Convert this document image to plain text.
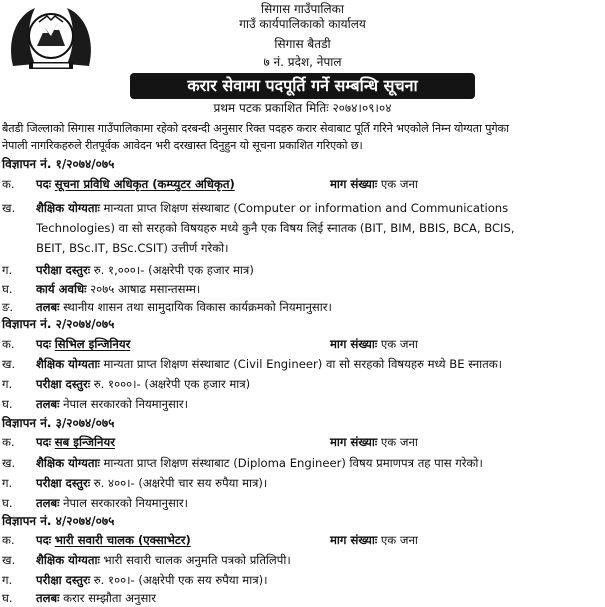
सिगास गाउँपालिका
गाउँ कार्यपालिकाको कार्यालय
सिगास बैतडी
७ नं. प्रदेश, नेपाल
करार सेवामा पदपूर्ति गर्ने सम्बन्धि सूचना
प्रथम पटक प्रकाशित मितिः २०७४।०९।०४
बैतडी जिल्लाको सिगास गाउँपालिकामा रहेको दरबन्दी अनुसार रिक्त पदहरु करार सेवाबाट पूर्ति गरिने भएकोले निम्न योग्यता पुगेका
नेपाली नागरिकहरुले रीतपूर्वक आवेदन भरी दरखास्त दिनुहुन यो सूचना प्रकाशित गरिएको छ।
विज्ञापन नं. १/२०७४/०७५
क.	पदः सूचना प्रविधि अधिकृत (कम्प्युटर अधिकृत)	माग संख्याः एक जना
ख.	शैक्षिक योग्यताः मान्यता प्राप्त शिक्षण संस्थाबाट (Computer or information and Communications
Technologies) वा सो सरहको विषयहरु मध्ये कुनै एक विषय लिई स्नातक (BIT, BIM, BBIS, BCA, BCIS,
BEIT, BSc.IT, BSc.CSIT) उत्तीर्ण गरेको।
ग.	परीक्षा दस्तुरः रु. १,०००।- (अक्षरेपी एक हजार मात्र)
घ.	कार्य अवधिः २०७५ आषाढ मसान्तसम्म।
ङ.	तलबः स्थानीय शासन तथा सामुदायिक विकास कार्यक्रमको नियमानुसार।
विज्ञापन नं. २/२०७४/०७५
क.	पदः सिभिल इन्जिनियर	माग संख्याः एक जना
ख.	शैक्षिक योग्यताः मान्यता प्राप्त शिक्षण संस्थाबाट (Civil Engineer) वा सो सरहको विषयहरु मध्ये BE स्नातक।
ग.	परीक्षा दस्तुरः रु. १०००।- (अक्षरेपी एक हजार मात्र)
घ.	तलबः नेपाल सरकारको नियमानुसार।
विज्ञापन नं. ३/२०७४/०७५
क.	पदः सब इन्जिनियर	माग संख्याः एक जना
ख.	शैक्षिक योग्यताः मान्यता प्राप्त शिक्षण संस्थाबाट (Diploma Engineer) विषय प्रमाणपत्र तह पास गरेको।
ग.	परीक्षा दस्तुरः रु. ४००।- (अक्षरेपी चार सय रुपैया मात्र)।
घ.	तलबः नेपाल सरकारको नियमानुसार।
विज्ञापन नं. ४/२०७४/०७५
क.	पदः भारी सवारी चालक (एक्साभेटर)	माग संख्याः एक जना
ख.	शैक्षिक योग्यताः भारी सवारी चालक अनुमति पत्रको प्रतिलिपी।
ग.	परीक्षा दस्तुरः रु. १००।- (अक्षरेपी एक सय रुपैया मात्र)।
घ.	तलबः करार सम्झौता अनुसार
